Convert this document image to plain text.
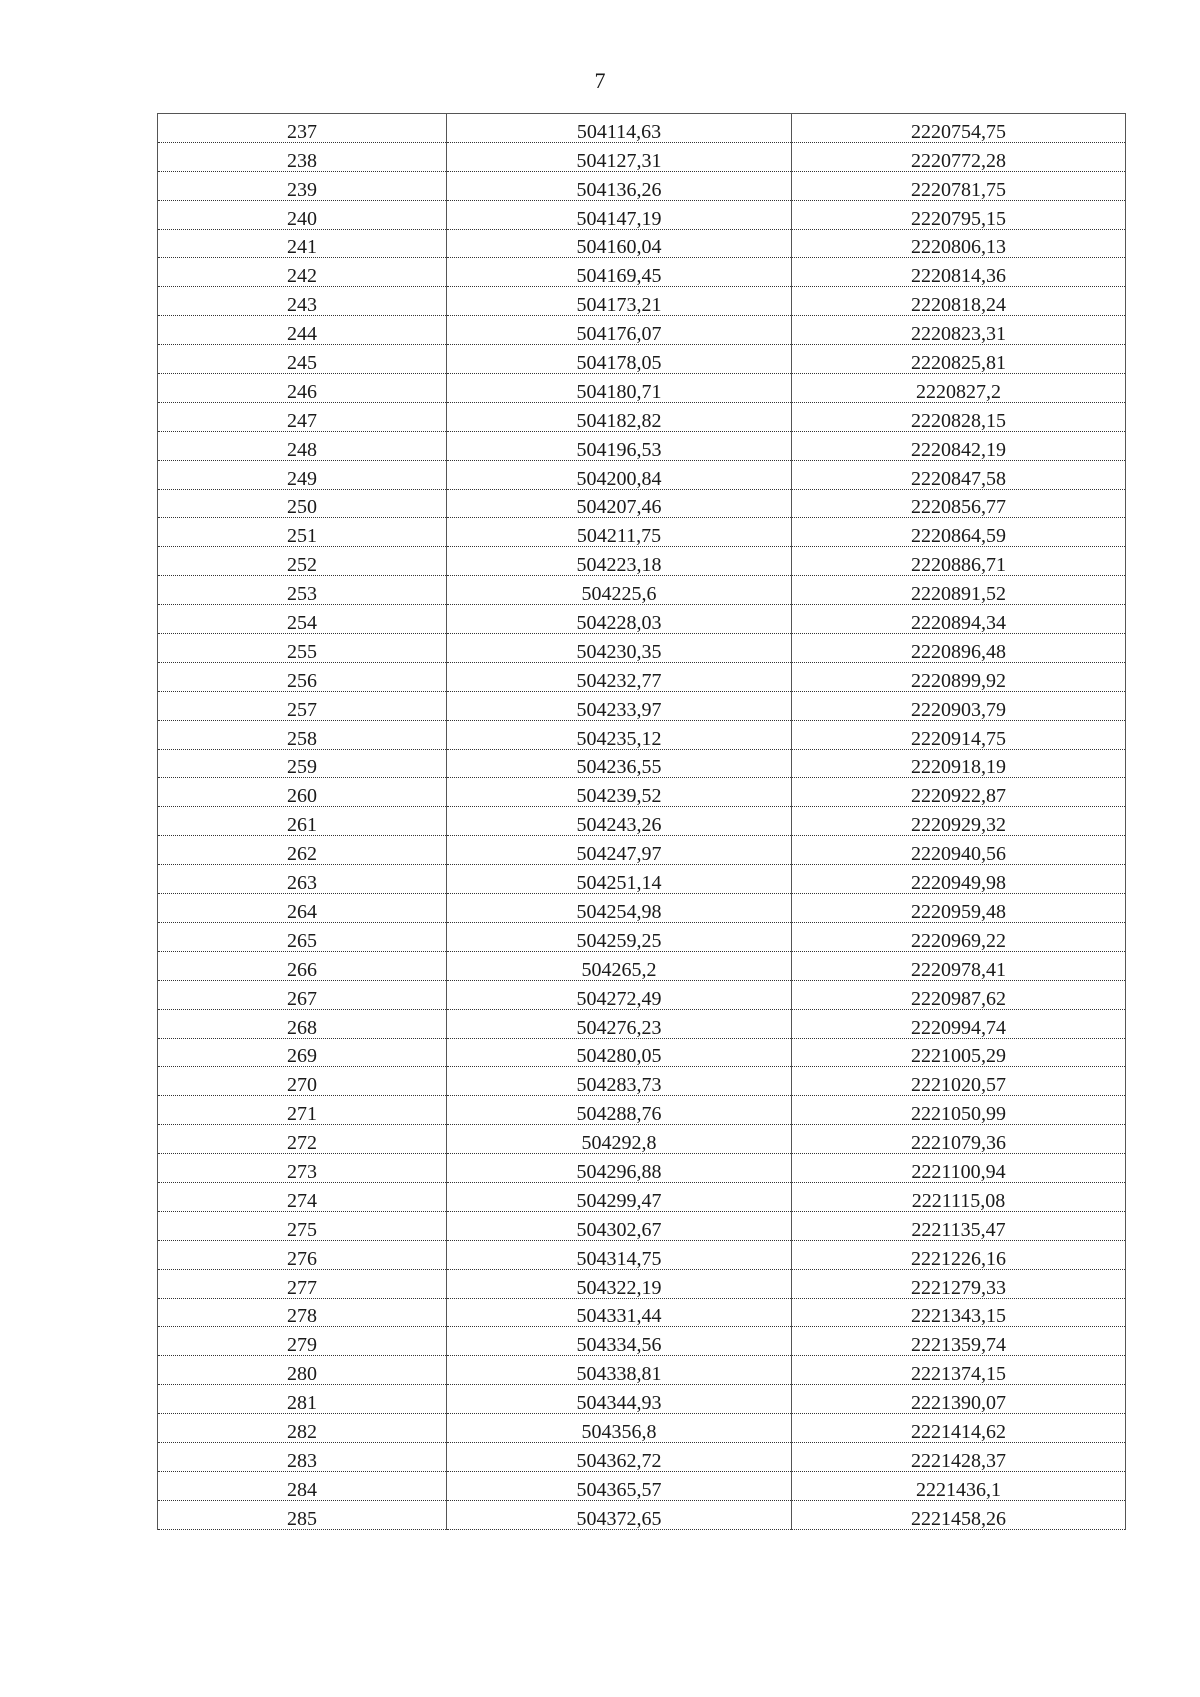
7
237	504114,63	2220754,75
238	504127,31	2220772,28
239	504136,26	2220781,75
240	504147,19	2220795,15
241	504160,04	2220806,13
242	504169,45	2220814,36
243	504173,21	2220818,24
244	504176,07	2220823,31
245	504178,05	2220825,81
246	504180,71	2220827,2
247	504182,82	2220828,15
248	504196,53	2220842,19
249	504200,84	2220847,58
250	504207,46	2220856,77
251	504211,75	2220864,59
252	504223,18	2220886,71
253	504225,6	2220891,52
254	504228,03	2220894,34
255	504230,35	2220896,48
256	504232,77	2220899,92
257	504233,97	2220903,79
258	504235,12	2220914,75
259	504236,55	2220918,19
260	504239,52	2220922,87
261	504243,26	2220929,32
262	504247,97	2220940,56
263	504251,14	2220949,98
264	504254,98	2220959,48
265	504259,25	2220969,22
266	504265,2	2220978,41
267	504272,49	2220987,62
268	504276,23	2220994,74
269	504280,05	2221005,29
270	504283,73	2221020,57
271	504288,76	2221050,99
272	504292,8	2221079,36
273	504296,88	2221100,94
274	504299,47	2221115,08
275	504302,67	2221135,47
276	504314,75	2221226,16
277	504322,19	2221279,33
278	504331,44	2221343,15
279	504334,56	2221359,74
280	504338,81	2221374,15
281	504344,93	2221390,07
282	504356,8	2221414,62
283	504362,72	2221428,37
284	504365,57	2221436,1
285	504372,65	2221458,26
